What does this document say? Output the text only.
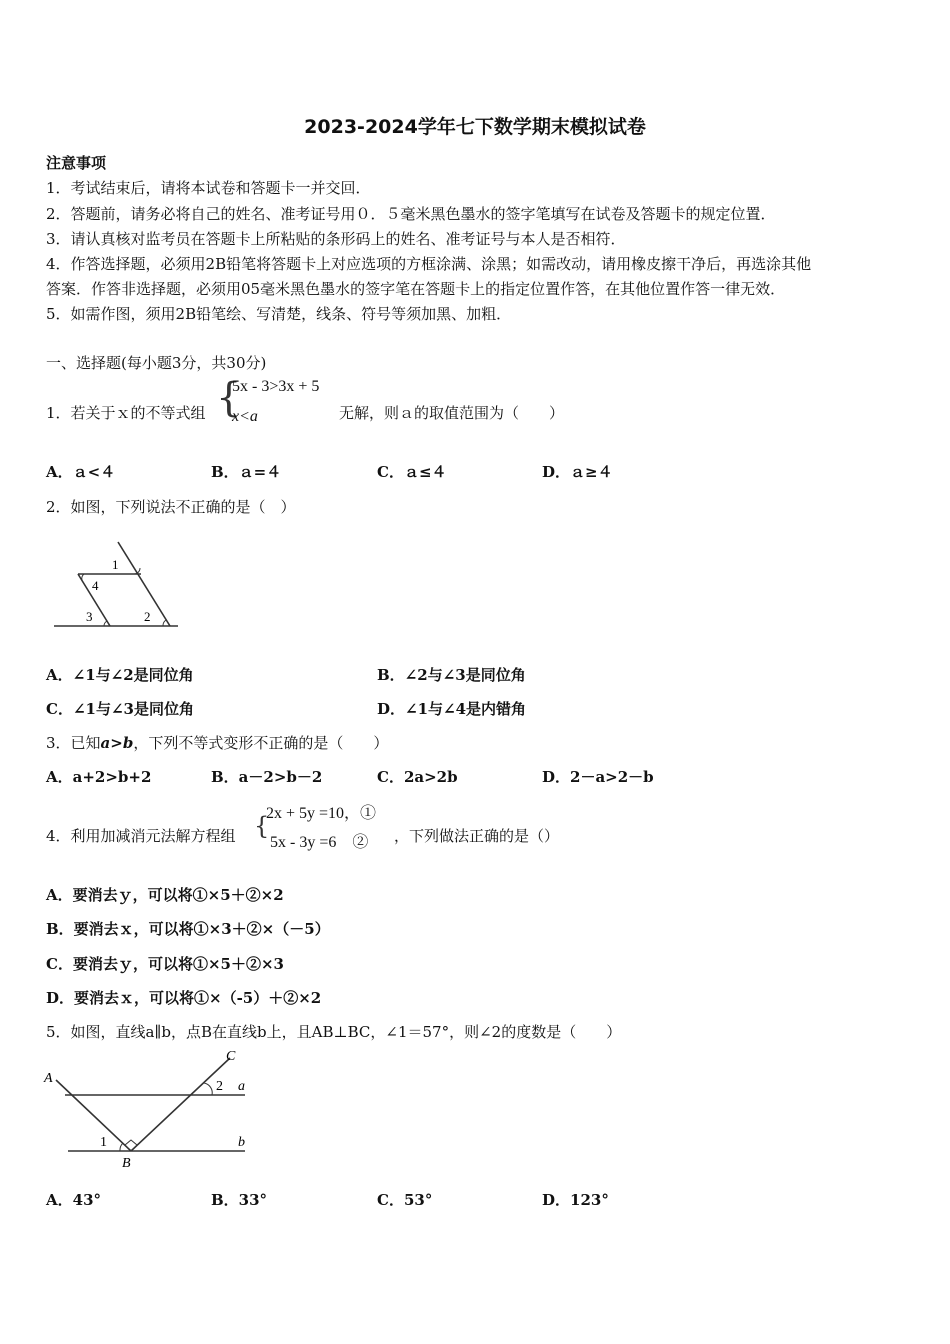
2023-2024学年七下数学期末模拟试卷
注意事项
1．考试结束后，请将本试卷和答题卡一并交回．
2．答题前，请务必将自己的姓名、准考证号用０．５毫米黑色墨水的签字笔填写在试卷及答题卡的规定位置．
3．请认真核对监考员在答题卡上所粘贴的条形码上的姓名、准考证号与本人是否相符．
4．作答选择题，必须用2B铅笔将答题卡上对应选项的方框涂满、涂黑；如需改动，请用橡皮擦干净后，再选涂其他
答案．作答非选择题，必须用05毫米黑色墨水的签字笔在答题卡上的指定位置作答，在其他位置作答一律无效．
5．如需作图，须用2B铅笔绘、写清楚，线条、符号等须加黑、加粗．
一、选择题(每小题3分，共30分)
1．若关于ｘ的不等式组 {
5x - 3>3x + 5
x<a	无解，则ａ的取值范围为（　　）
A．ａ<４	B．ａ=４	C．ａ≤４	D．ａ≥４
2．如图，下列说法不正确的是（　）
1
4
3	2
A．∠1与∠2是同位角	B．∠2与∠3是同位角
C．∠1与∠3是同位角	D．∠1与∠4是内错角
3．已知a>b，下列不等式变形不正确的是（　　）
A．a+2>b+2	B．a－2>b－2	C．2a>2b	D．2－a>2－b
4．利用加减消元法解方程组 {
2x + 5y =10，①
5x - 3y =6　② ，下列做法正确的是（）
A．要消去ｙ，可以将①×5＋②×2
B．要消去ｘ，可以将①×3＋②×（－5）
C．要消去ｙ，可以将①×5＋②×3
D．要消去ｘ，可以将①×（-5）＋②×2
5．如图，直线a∥b，点B在直线b上，且AB⊥BC，∠1＝57°，则∠2的度数是（　　）
A
C
2 a
1	b
B
A．43°	B．33°	C．53°	D．123°
